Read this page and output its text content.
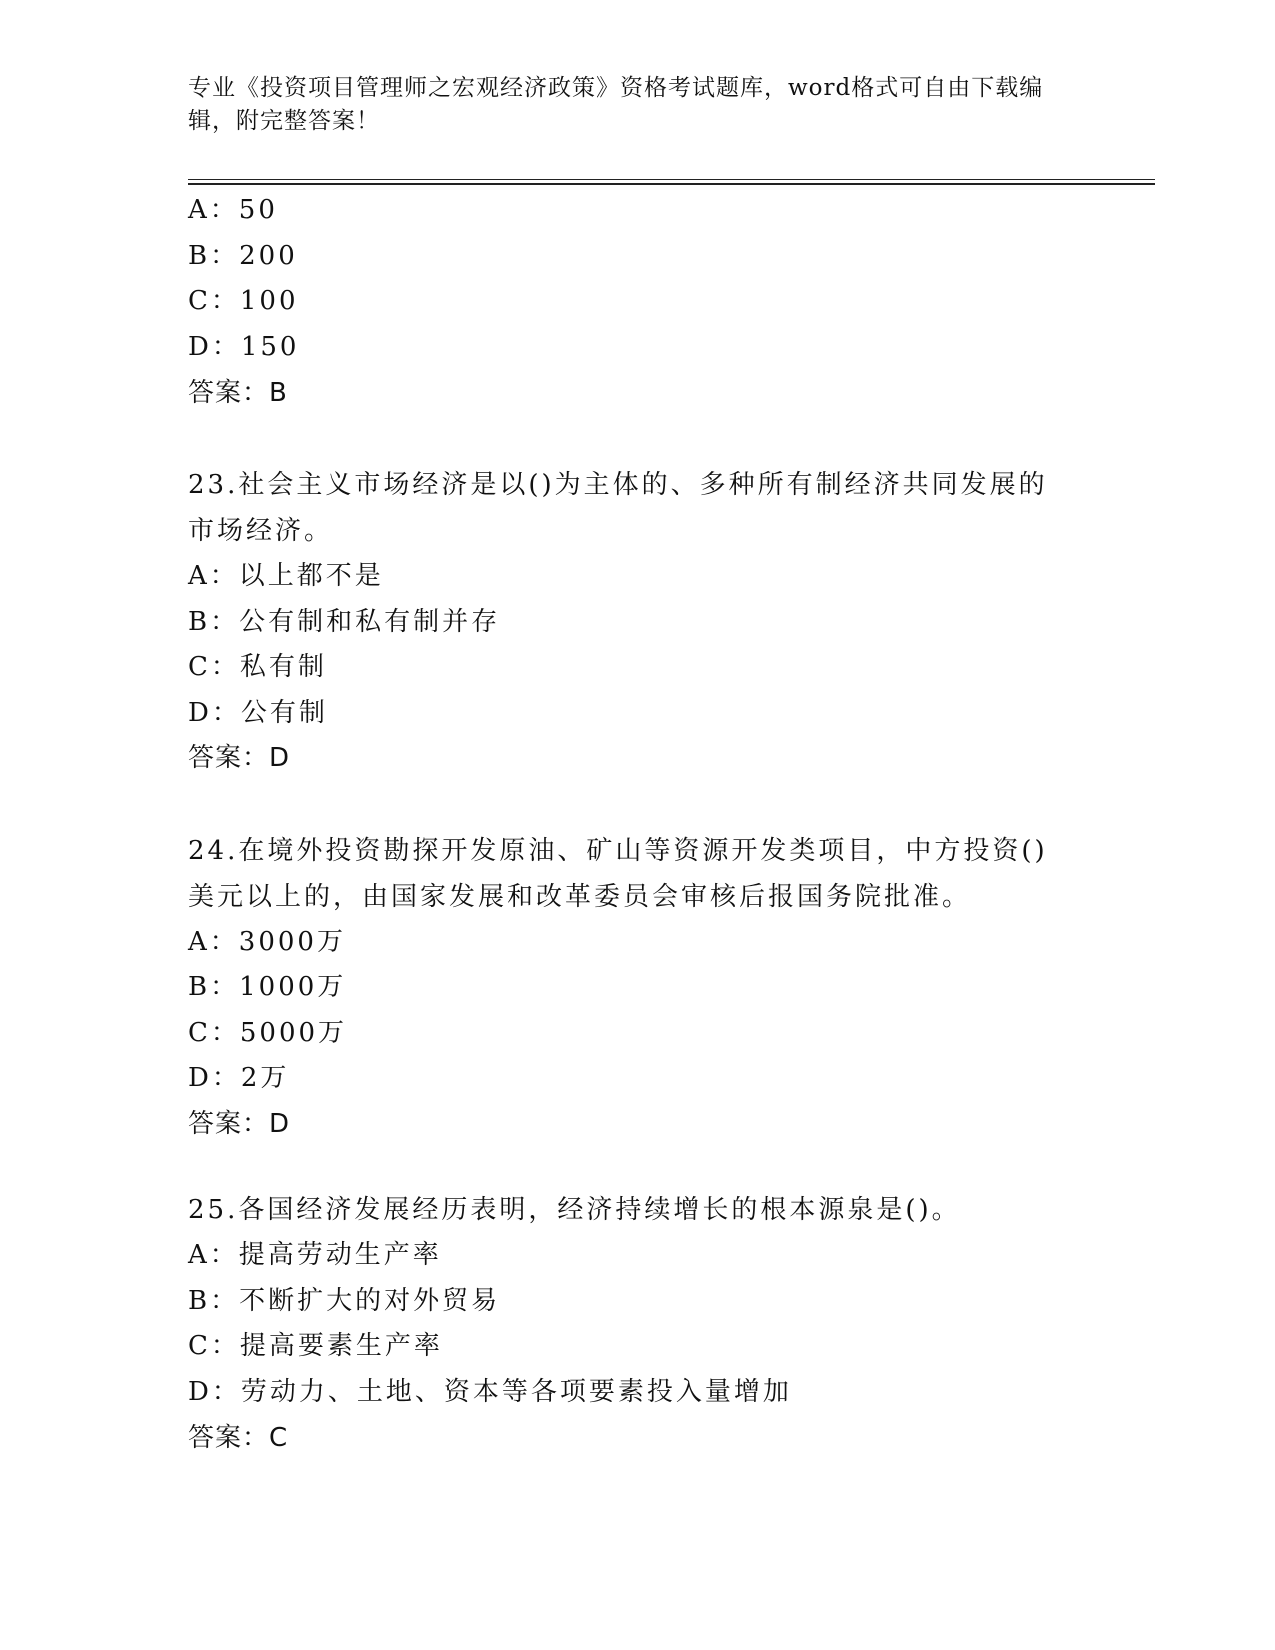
专业《投资项目管理师之宏观经济政策》资格考试题库，word格式可自由下载编辑，附完整答案！
A：50
B：200
C：100
D：150
答案：B
23.社会主义市场经济是以()为主体的、多种所有制经济共同发展的市场经济。
A：以上都不是
B：公有制和私有制并存
C：私有制
D：公有制
答案：D
24.在境外投资勘探开发原油、矿山等资源开发类项目，中方投资()美元以上的，由国家发展和改革委员会审核后报国务院批准。
A：3000万
B：1000万
C：5000万
D：2万
答案：D
25.各国经济发展经历表明，经济持续增长的根本源泉是()。
A：提高劳动生产率
B：不断扩大的对外贸易
C：提高要素生产率
D：劳动力、土地、资本等各项要素投入量增加
答案：C
